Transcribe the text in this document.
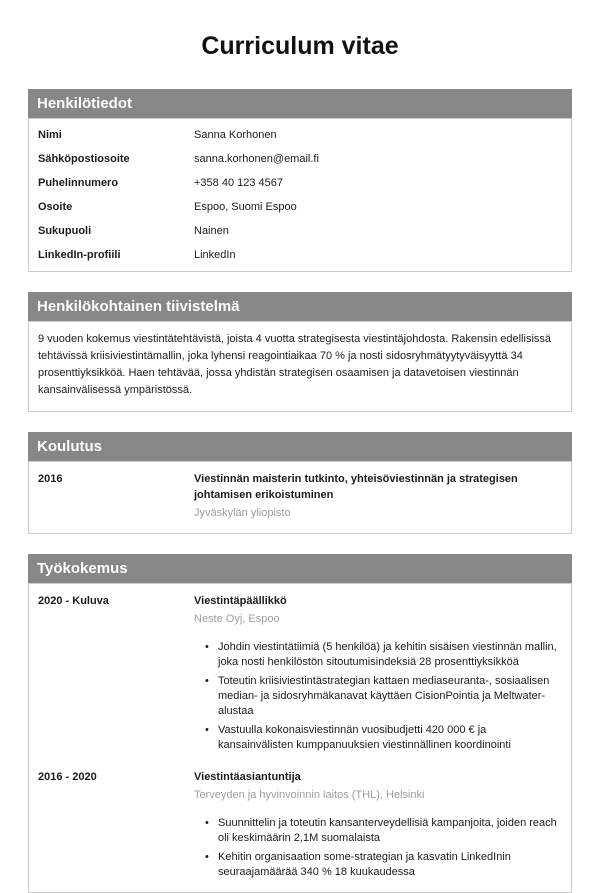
Curriculum vitae
Henkilötiedot
Nimi	Sanna Korhonen
Sähköpostiosoite	sanna.korhonen@email.fi
Puhelinnumero	+358 40 123 4567
Osoite	Espoo, Suomi Espoo
Sukupuoli	Nainen
LinkedIn-profiili	LinkedIn
Henkilökohtainen tiivistelmä
9 vuoden kokemus viestintätehtävistä, joista 4 vuotta strategisesta viestintäjohdosta. Rakensin edellisissä tehtävissä kriisiviestintämallin, joka lyhensi reagointiaikaa 70 % ja nosti sidosryhmätyytyväisyyttä 34 prosenttiyksikköä. Haen tehtävää, jossa yhdistän strategisen osaamisen ja datavetoisen viestinnän kansainvälisessä ympäristössä.
Koulutus
2016	Viestinnän maisterin tutkinto, yhteisöviestinnän ja strategisen johtamisen erikoistuminen
Jyväskylän yliopisto
Työkokemus
2020 - Kuluva	Viestintäpäällikkö
Neste Oyj, Espoo
• Johdin viestintätiimiä (5 henkilöä) ja kehitin sisäisen viestinnän mallin, joka nosti henkilöstön sitoutumisindeksiä 28 prosenttiyksikköä
• Toteutin kriisiviestintästrategian kattaen mediaseuranta-, sosiaalisen median- ja sidosryhmäkanavat käyttäen CisionPointia ja Meltwater-alustaa
• Vastuulla kokonaisviestinnän vuosibudjetti 420 000 € ja kansainvälisten kumppanuuksien viestinnällinen koordinointi
2016 - 2020	Viestintäasiantuntija
Terveyden ja hyvinvoinnin laitos (THL), Helsinki
• Suunnittelin ja toteutin kansanterveydellisiä kampanjoita, joiden reach oli keskimäärin 2,1M suomalaista
• Kehitin organisaation some-strategian ja kasvatin LinkedInin seuraajamäärää 340 % 18 kuukaudessa
